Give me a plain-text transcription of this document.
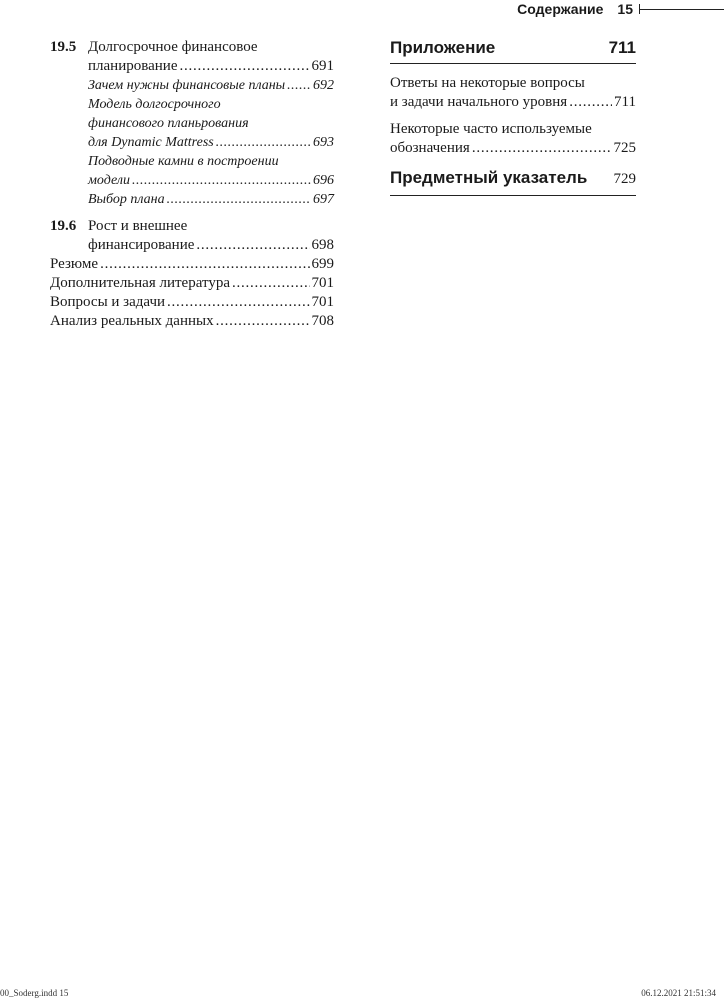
Содержание 15
19.5 Долгосрочное финансовое
планирование . . .	691
Зачем нужны финансовые планы . . . 692
Модель долгосрочного
финансового планьрования
для Dynamic Mattress . . .	693
Подводные камни в построении
модели . . .	696
Выбор плана . . .	697
19.6 Рост и внешнее
финансирование . . .	698
Резюме . . .	699
Дополнительная литература . . .	701
Вопросы и задачи . . .	701
Анализ реальных данных . . .	708
Приложение	711
Ответы на некоторые вопросы
и задачи начального уровня . . .	711
Некоторые часто используемые
обозначения . . .	725
Предметный указатель 729
00_Soderg.indd 15	06.12.2021 21:51:34
